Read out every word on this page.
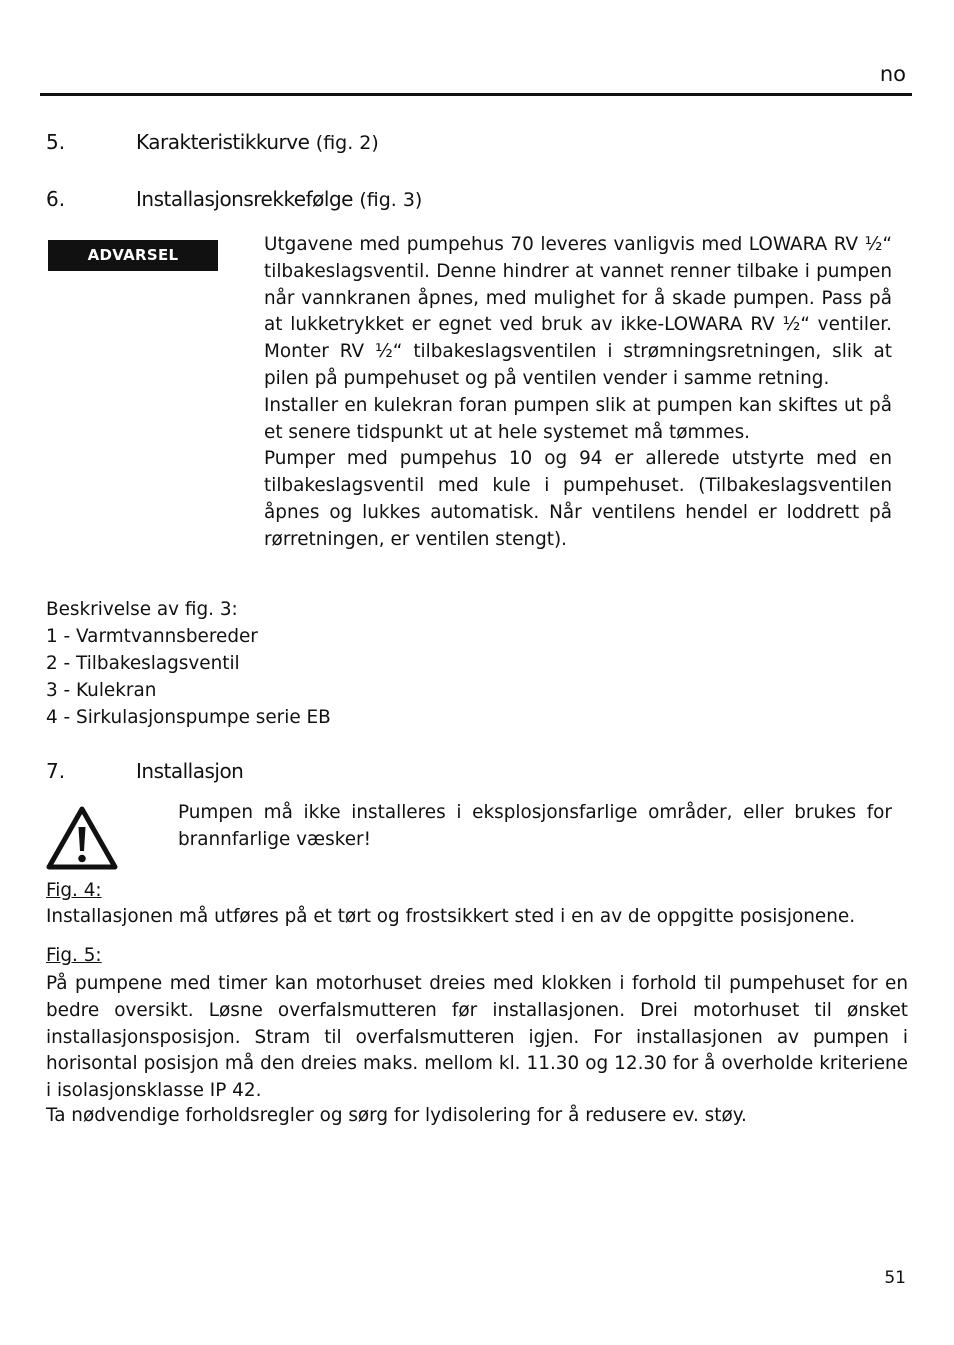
no
5.	Karakteristikkurve (fig. 2)
6.	Installasjonsrekkefølge (fig. 3)
ADVARSEL	Utgavene med pumpehus 70 leveres vanligvis med LOWARA RV ½“ tilbakeslagsventil. Denne hindrer at vannet renner tilbake i pumpen når vannkranen åpnes, med mulighet for å skade pumpen. Pass på at lukketrykket er egnet ved bruk av ikke-LOWARA RV ½“ ventiler. Monter RV ½“ tilbakeslagsventilen i strømningsretningen, slik at pilen på pumpehuset og på ventilen vender i samme retning.

Installer en kulekran foran pumpen slik at pumpen kan skiftes ut på et senere tidspunkt ut at hele systemet må tømmes.

Pumper med pumpehus 10 og 94 er allerede utstyrte med en tilbakeslagsventil med kule i pumpehuset. (Tilbakeslagsventilen åpnes og lukkes automatisk. Når ventilens hendel er loddrett på rørretningen, er ventilen stengt).

Beskrivelse av fig. 3:
1 - Varmtvannsbereder
2 - Tilbakeslagsventil
3 - Kulekran
4 - Sirkulasjonspumpe serie EB
7.	Installasjon

Pumpen må ikke installeres i eksplosjonsfarlige områder, eller brukes for brannfarlige væsker!

Fig. 4:
Installasjonen må utføres på et tørt og frostsikkert sted i en av de oppgitte posisjonene.
Fig. 5:

På pumpene med timer kan motorhuset dreies med klokken i forhold til pumpehuset for en bedre oversikt. Løsne overfalsmutteren før installasjonen. Drei motorhuset til ønsket installasjonsposisjon. Stram til overfalsmutteren igjen. For installasjonen av pumpen i horisontal posisjon må den dreies maks. mellom kl. 11.30 og 12.30 for å overholde kriteriene i isolasjonsklasse IP 42.

Ta nødvendige forholdsregler og sørg for lydisolering for å redusere ev. støy.
51
